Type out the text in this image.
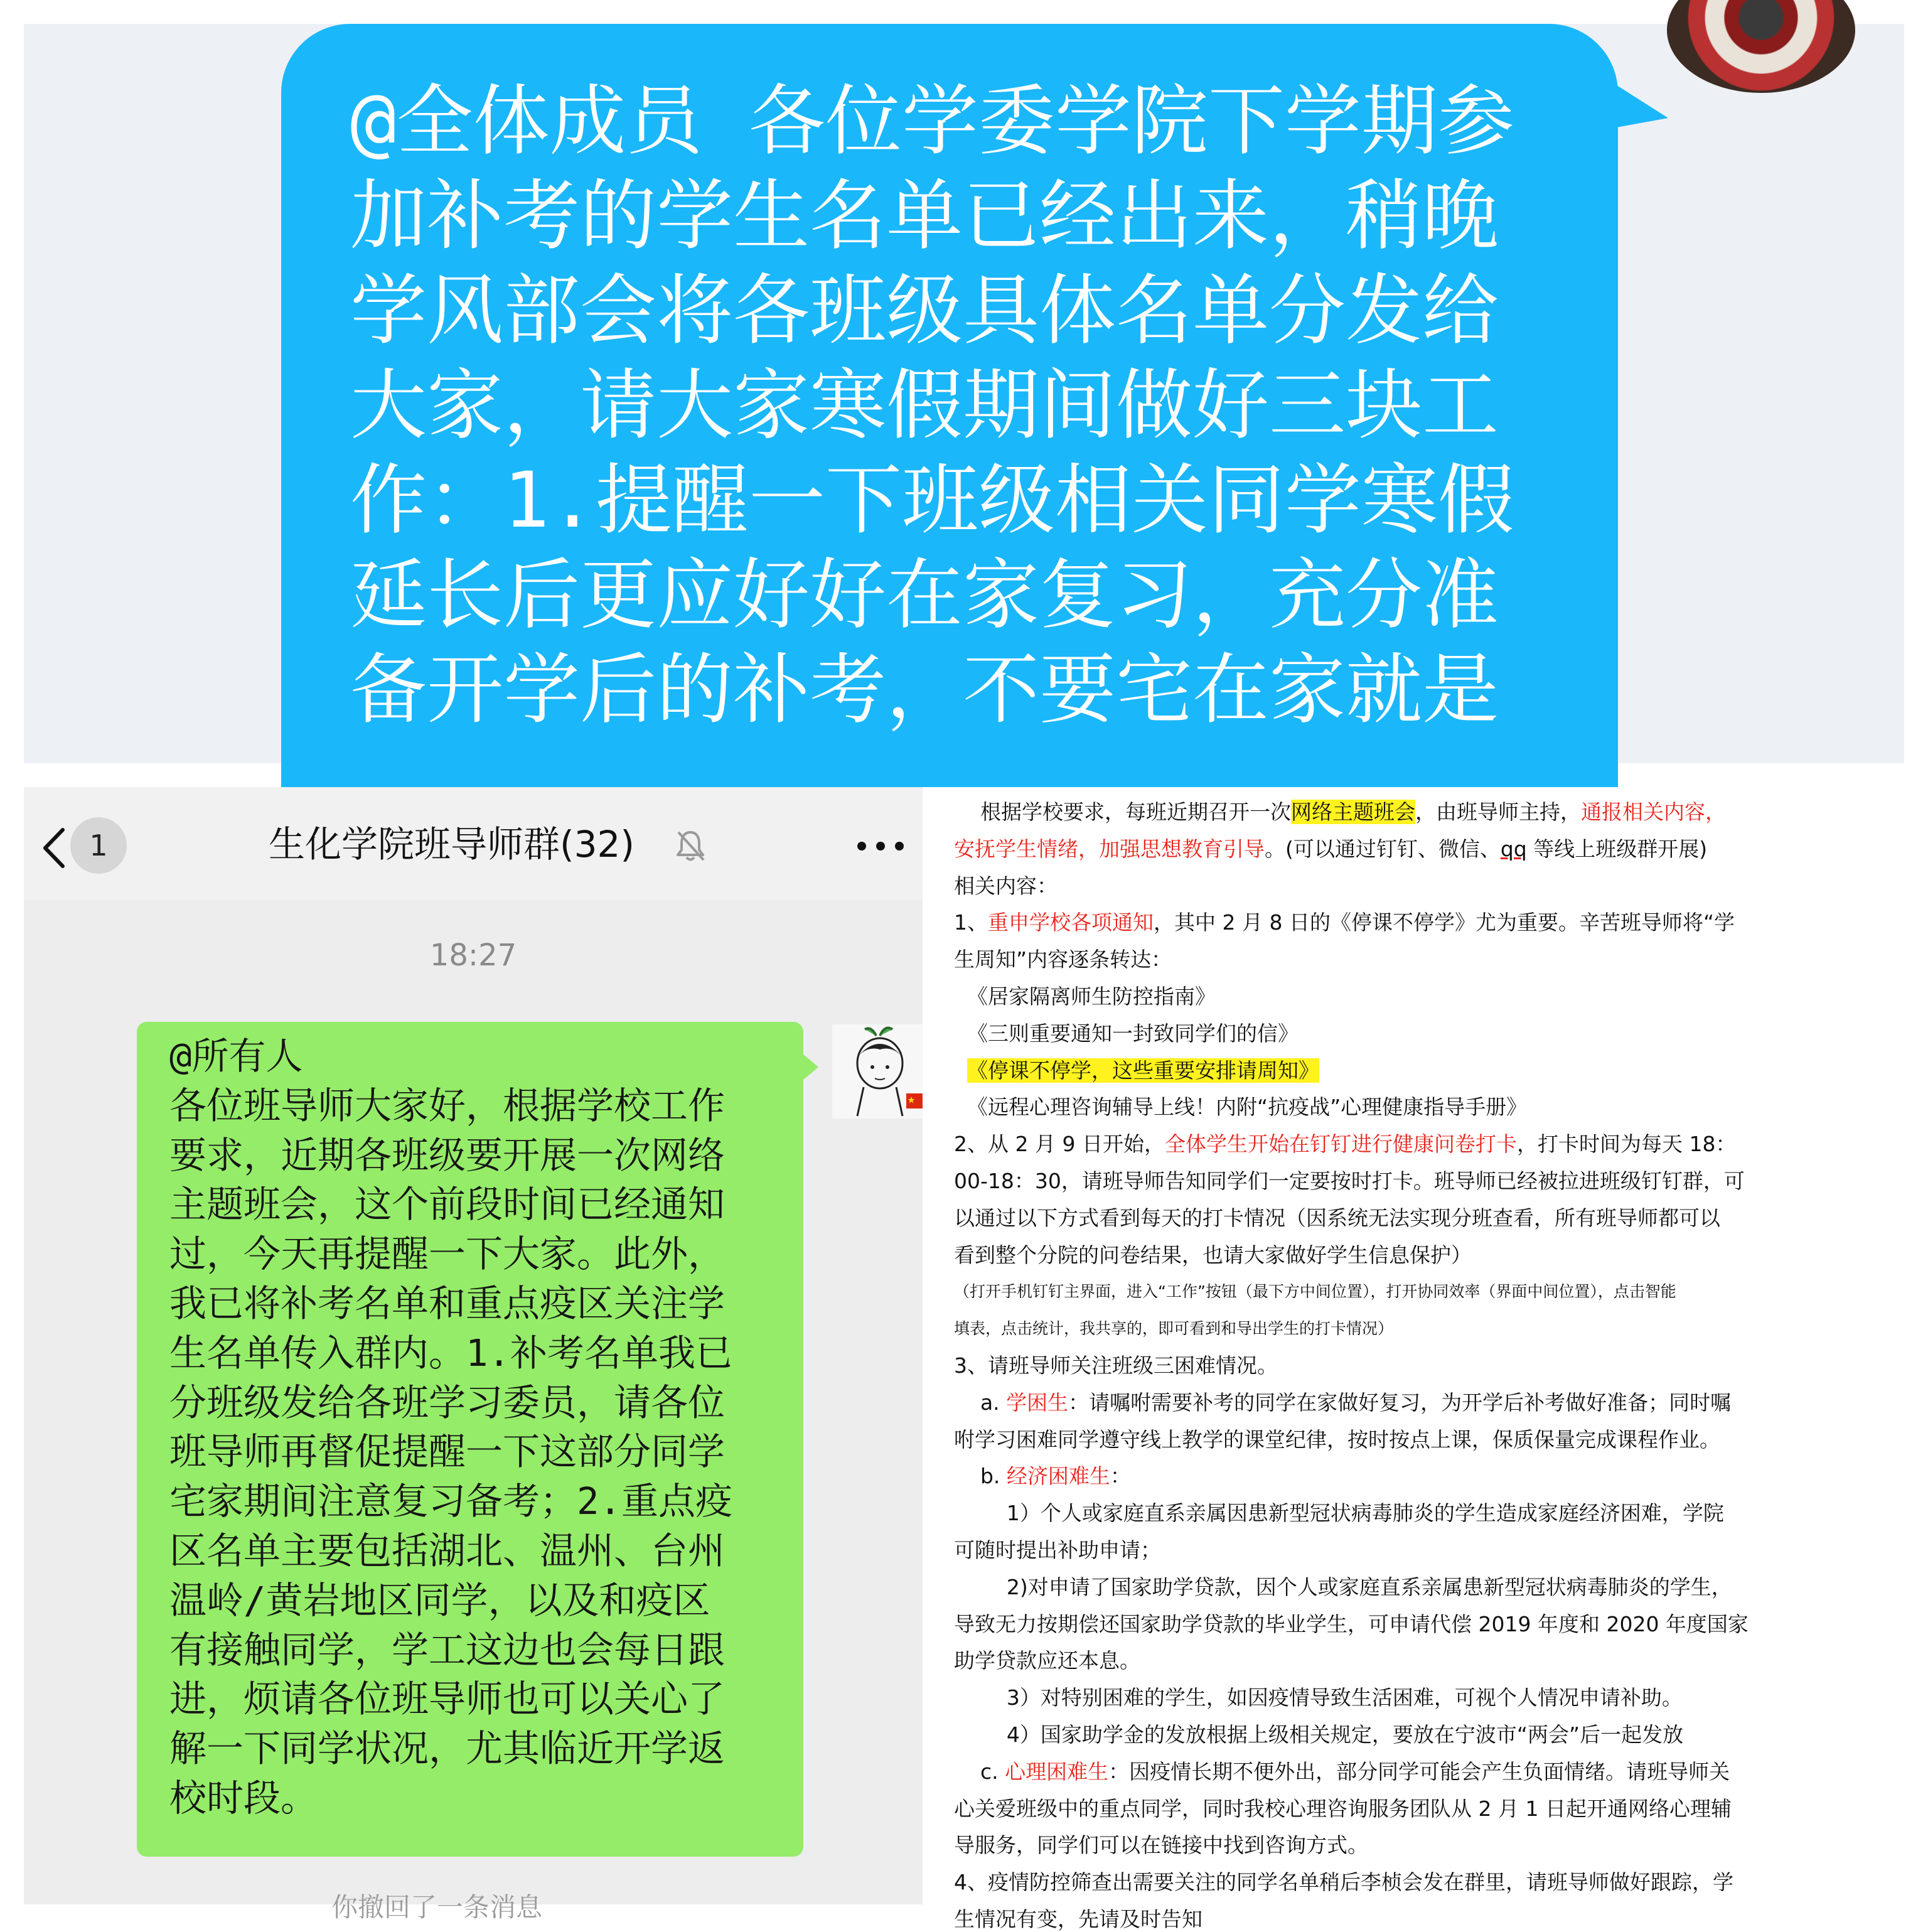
@全体成员 各位学委学院下学期参
加补考的学生名单已经出来，稍晚
学风部会将各班级具体名单分发给
大家，请大家寒假期间做好三块工
作：1.提醒一下班级相关同学寒假
延长后更应好好在家复习，充分准
备开学后的补考，不要宅在家就是
1	生化学院班导师群(32)
18:27
@所有人
各位班导师大家好，根据学校工作
要求，近期各班级要开展一次网络
主题班会，这个前段时间已经通知
过，今天再提醒一下大家。此外，
我已将补考名单和重点疫区关注学
生名单传入群内。1.补考名单我已
分班级发给各班学习委员，请各位
班导师再督促提醒一下这部分同学
宅家期间注意复习备考；2.重点疫
区名单主要包括湖北、温州、台州
温岭/黄岩地区同学，以及和疫区
有接触同学，学工这边也会每日跟
进，烦请各位班导师也可以关心了
解一下同学状况，尤其临近开学返
校时段。
你撤回了一条消息

根据学校要求，每班近期召开一次网络主题班会，由班导师主持，通报相关内容，

安抚学生情绪，加强思想教育引导。(可以通过钉钉、微信、qq 等线上班级群开展)

相关内容：

1、重申学校各项通知，其中 2 月 8 日的《停课不停学》尤为重要。辛苦班导师将“学

生周知”内容逐条转达：

《居家隔离师生防控指南》

《三则重要通知一封致同学们的信》

《停课不停学，这些重要安排请周知》

《远程心理咨询辅导上线！内附“抗疫战”心理健康指导手册》

2、从 2 月 9 日开始，全体学生开始在钉钉进行健康问卷打卡，打卡时间为每天 18：

00-18：30，请班导师告知同学们一定要按时打卡。班导师已经被拉进班级钉钉群，可

以通过以下方式看到每天的打卡情况（因系统无法实现分班查看，所有班导师都可以

看到整个分院的问卷结果，也请大家做好学生信息保护）

（打开手机钉钉主界面，进入“工作”按钮（最下方中间位置），打开协同效率（界面中间位置），点击智能

填表，点击统计，我共享的，即可看到和导出学生的打卡情况）

3、请班导师关注班级三困难情况。

a. 学困生：请嘱咐需要补考的同学在家做好复习，为开学后补考做好准备；同时嘱

咐学习困难同学遵守线上教学的课堂纪律，按时按点上课，保质保量完成课程作业。

b. 经济困难生：

1）个人或家庭直系亲属因患新型冠状病毒肺炎的学生造成家庭经济困难，学院

可随时提出补助申请；

2)对申请了国家助学贷款，因个人或家庭直系亲属患新型冠状病毒肺炎的学生，

导致无力按期偿还国家助学贷款的毕业学生，可申请代偿 2019 年度和 2020 年度国家

助学贷款应还本息。

3）对特别困难的学生，如因疫情导致生活困难，可视个人情况申请补助。

4）国家助学金的发放根据上级相关规定，要放在宁波市“两会”后一起发放

c. 心理困难生：因疫情长期不便外出，部分同学可能会产生负面情绪。请班导师关

心关爱班级中的重点同学，同时我校心理咨询服务团队从 2 月 1 日起开通网络心理辅

导服务，同学们可以在链接中找到咨询方式。

4、疫情防控筛查出需要关注的同学名单稍后李桢会发在群里，请班导师做好跟踪，学

生情况有变，先请及时告知
